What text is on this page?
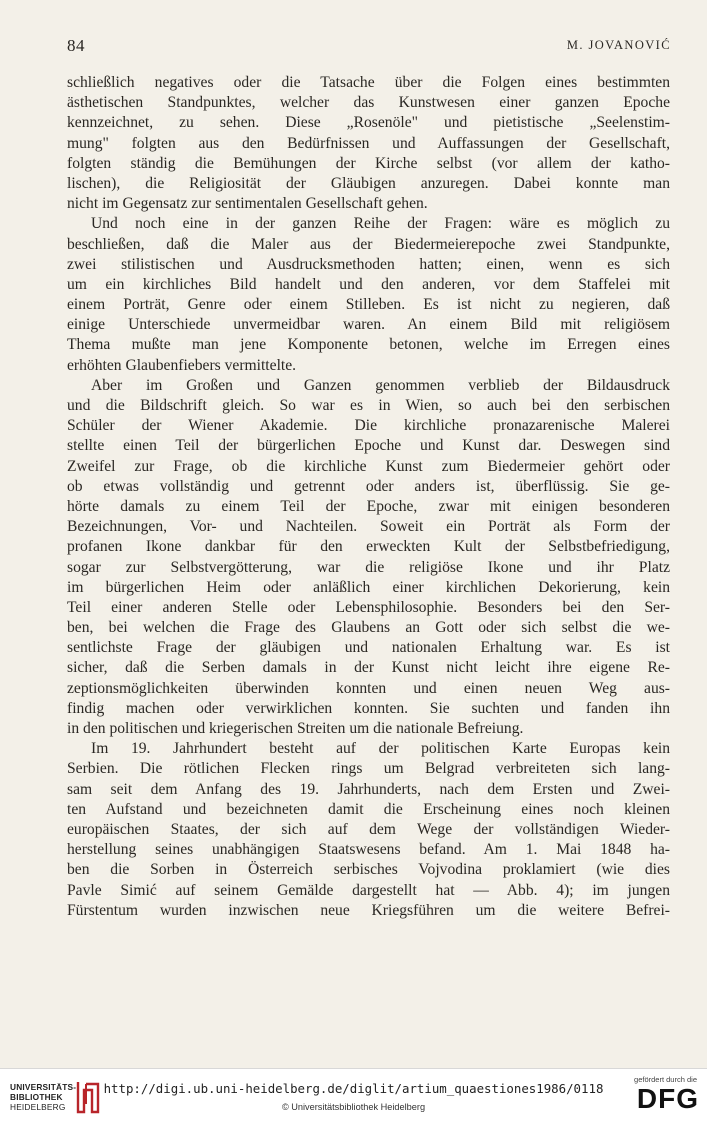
84	M. JOVANOVIĆ
schließlich negatives oder die Tatsache über die Folgen eines bestimmten
ästhetischen Standpunktes, welcher das Kunstwesen einer ganzen Epoche
kennzeichnet, zu sehen. Diese „Rosenöle" und pietistische „Seelenstim-
mung" folgten aus den Bedürfnissen und Auffassungen der Gesellschaft,
folgten ständig die Bemühungen der Kirche selbst (vor allem der katho-
lischen), die Religiosität der Gläubigen anzuregen. Dabei konnte man
nicht im Gegensatz zur sentimentalen Gesellschaft gehen.
Und noch eine in der ganzen Reihe der Fragen: wäre es möglich zu
beschließen, daß die Maler aus der Biedermeierepoche zwei Standpunkte,
zwei stilistischen und Ausdrucksmethoden hatten; einen, wenn es sich
um ein kirchliches Bild handelt und den anderen, vor dem Staffelei mit
einem Porträt, Genre oder einem Stilleben. Es ist nicht zu negieren, daß
einige Unterschiede unvermeidbar waren. An einem Bild mit religiösem
Thema mußte man jene Komponente betonen, welche im Erregen eines
erhöhten Glaubenfiebers vermittelte.
Aber im Großen und Ganzen genommen verblieb der Bildausdruck
und die Bildschrift gleich. So war es in Wien, so auch bei den serbischen
Schüler der Wiener Akademie. Die kirchliche pronazarenische Malerei
stellte einen Teil der bürgerlichen Epoche und Kunst dar. Deswegen sind
Zweifel zur Frage, ob die kirchliche Kunst zum Biedermeier gehört oder
ob etwas vollständig und getrennt oder anders ist, überflüssig. Sie ge-
hörte damals zu einem Teil der Epoche, zwar mit einigen besonderen
Bezeichnungen, Vor- und Nachteilen. Soweit ein Porträt als Form der
profanen Ikone dankbar für den erweckten Kult der Selbstbefriedigung,
sogar zur Selbstvergötterung, war die religiöse Ikone und ihr Platz
im bürgerlichen Heim oder anläßlich einer kirchlichen Dekorierung, kein
Teil einer anderen Stelle oder Lebensphilosophie. Besonders bei den Ser-
ben, bei welchen die Frage des Glaubens an Gott oder sich selbst die we-
sentlichste Frage der gläubigen und nationalen Erhaltung war. Es ist
sicher, daß die Serben damals in der Kunst nicht leicht ihre eigene Re-
zeptionsmöglichkeiten überwinden konnten und einen neuen Weg aus-
findig machen oder verwirklichen konnten. Sie suchten und fanden ihn
in den politischen und kriegerischen Streiten um die nationale Befreiung.
Im 19. Jahrhundert besteht auf der politischen Karte Europas kein
Serbien. Die rötlichen Flecken rings um Belgrad verbreiteten sich lang-
sam seit dem Anfang des 19. Jahrhunderts, nach dem Ersten und Zwei-
ten Aufstand und bezeichneten damit die Erscheinung eines noch kleinen
europäischen Staates, der sich auf dem Wege der vollständigen Wieder-
herstellung seines unabhängigen Staatswesens befand. Am 1. Mai 1848 ha-
ben die Sorben in Österreich serbisches Vojvodina proklamiert (wie dies
Pavle Simić auf seinem Gemälde dargestellt hat — Abb. 4); im jungen
Fürstentum wurden inzwischen neue Kriegsführen um die weitere Befrei-
UNIVERSITÄTS-
BIBLIOTHEK
HEIDELBERG
http://digi.ub.uni-heidelberg.de/diglit/artium_quaestiones1986/0118
© Universitätsbibliothek Heidelberg
gefördert durch die
DFG
